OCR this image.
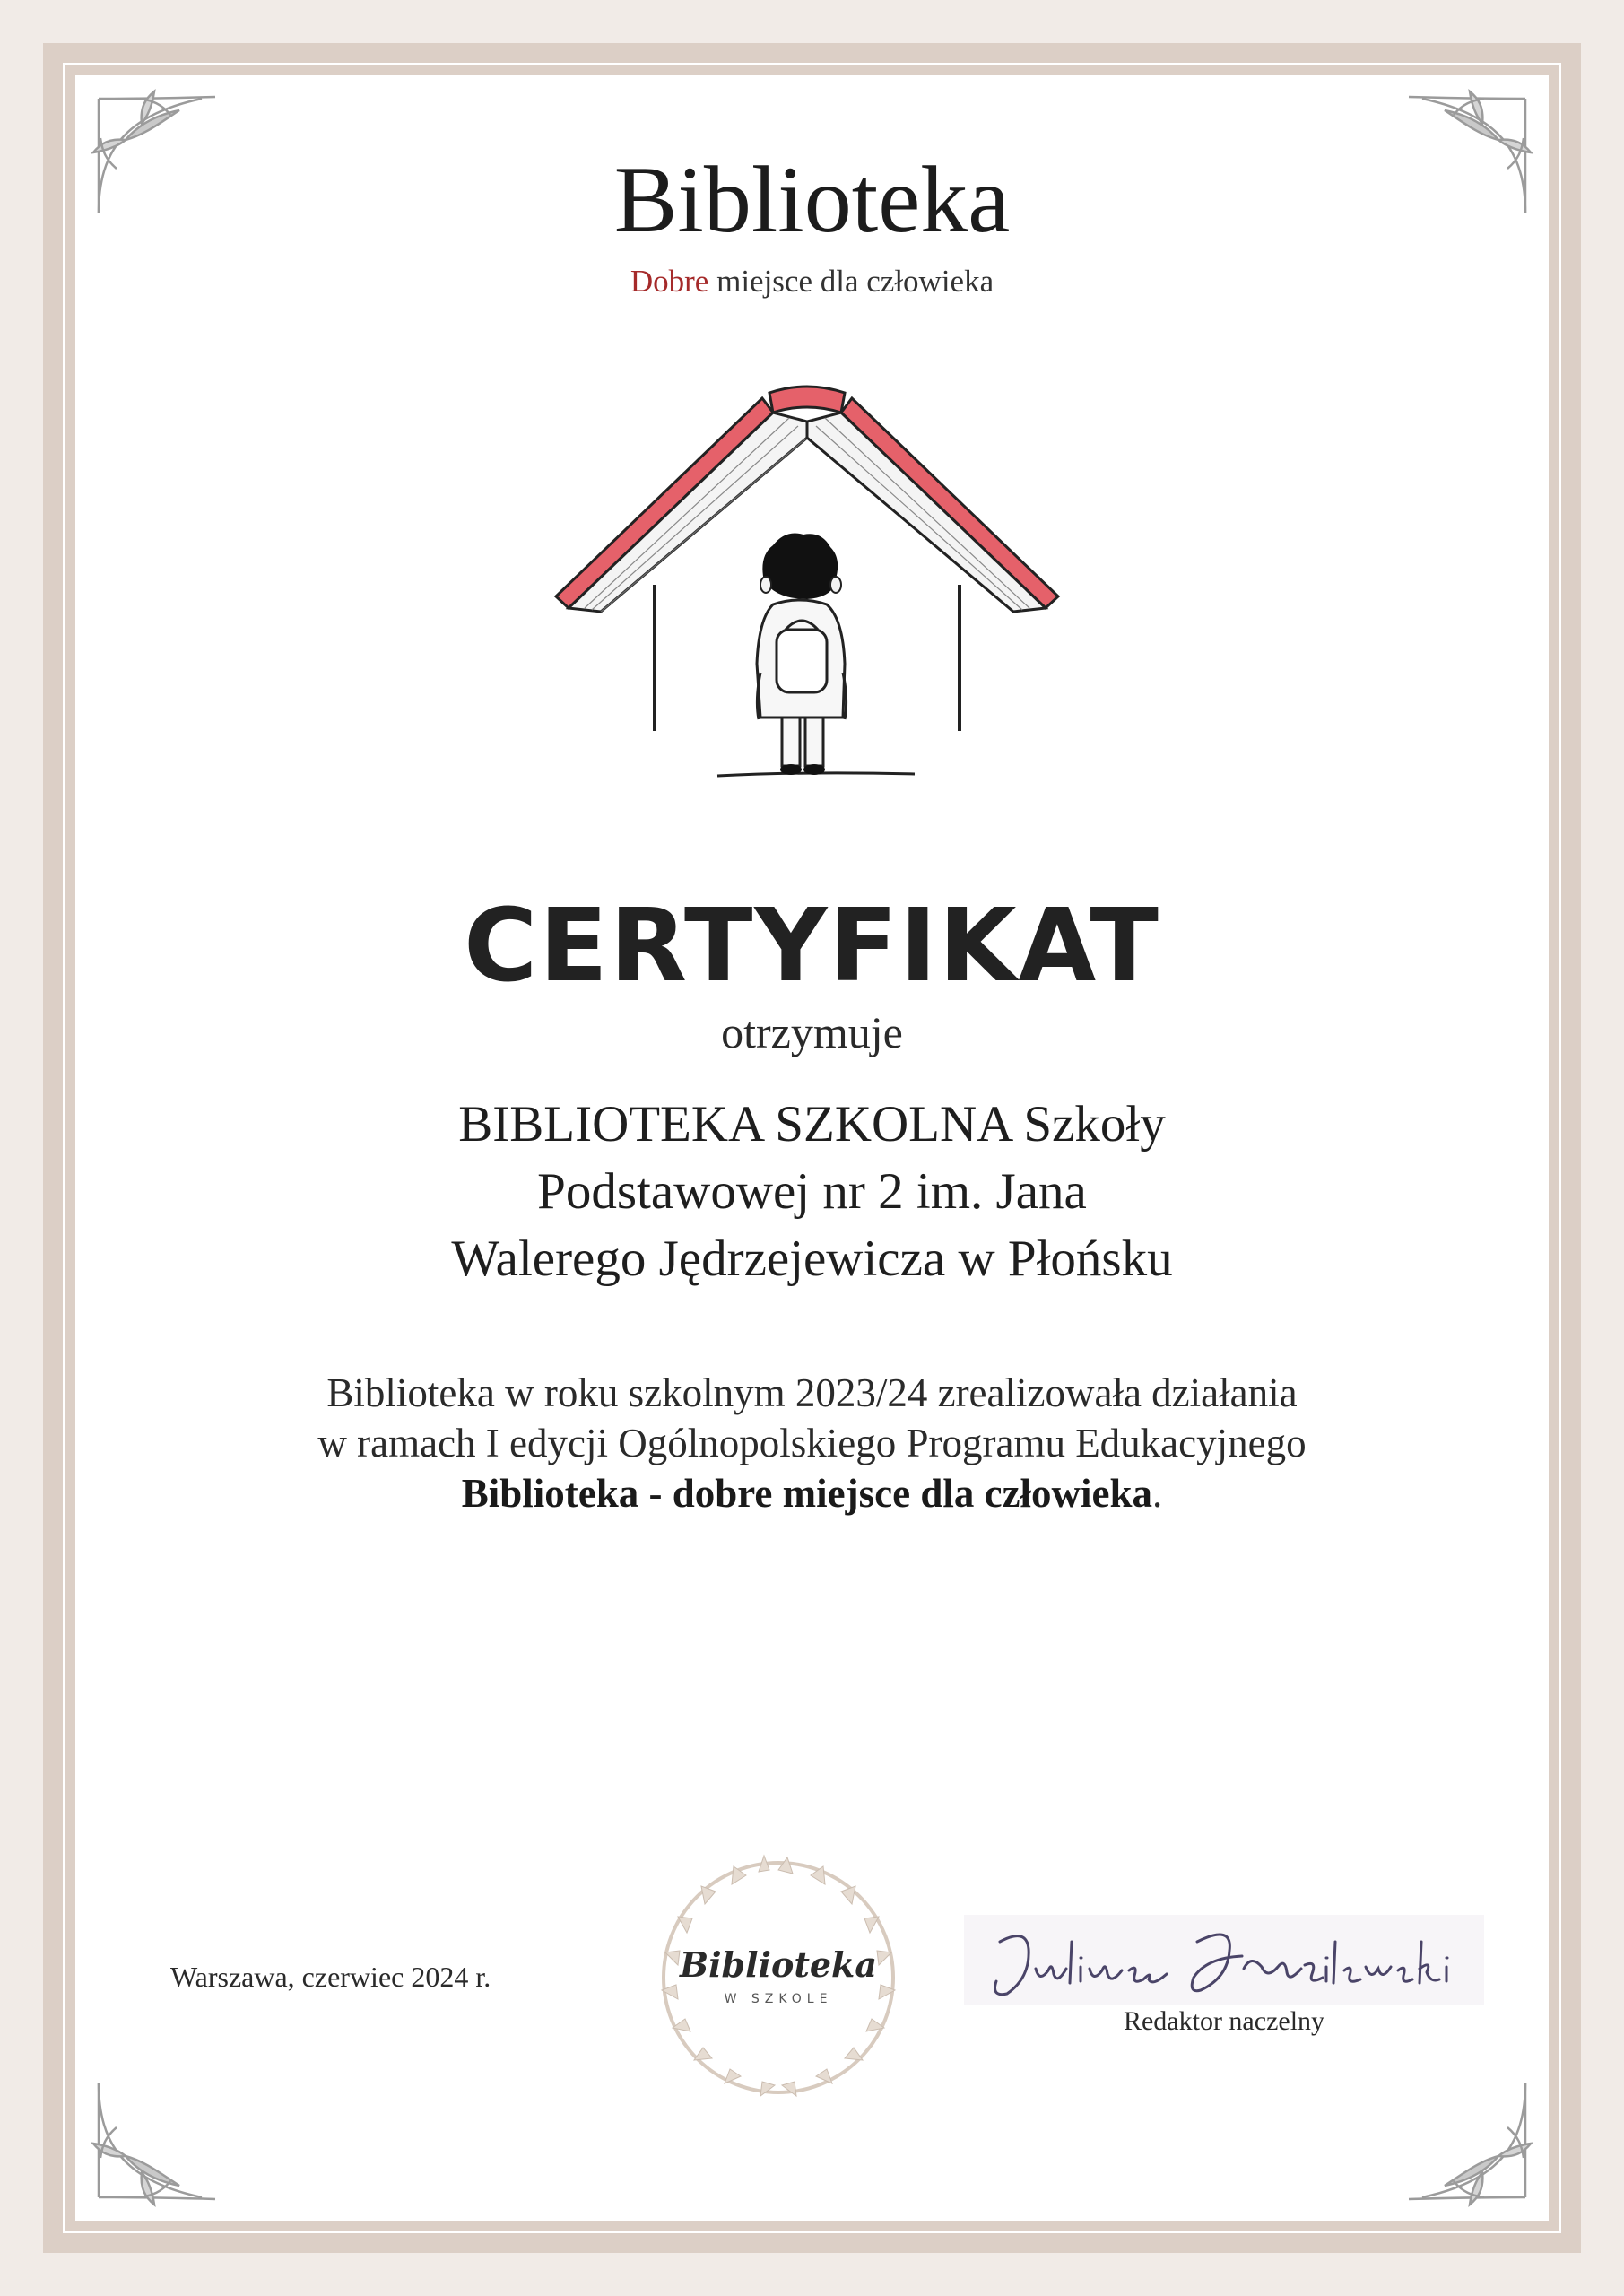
Biblioteka
Dobre miejsce dla człowieka
CERTYFIKAT
otrzymuje
BIBLIOTEKA SZKOLNA Szkoły
Podstawowej nr 2 im. Jana
Walerego Jędrzejewicza w Płońsku
Biblioteka w roku szkolnym 2023/24 zrealizowała działania
w ramach I edycji Ogólnopolskiego Programu Edukacyjnego
Biblioteka - dobre miejsce dla człowieka.
Warszawa, czerwiec 2024 r.	Biblioteka
W SZKOLE
Redaktor naczelny
